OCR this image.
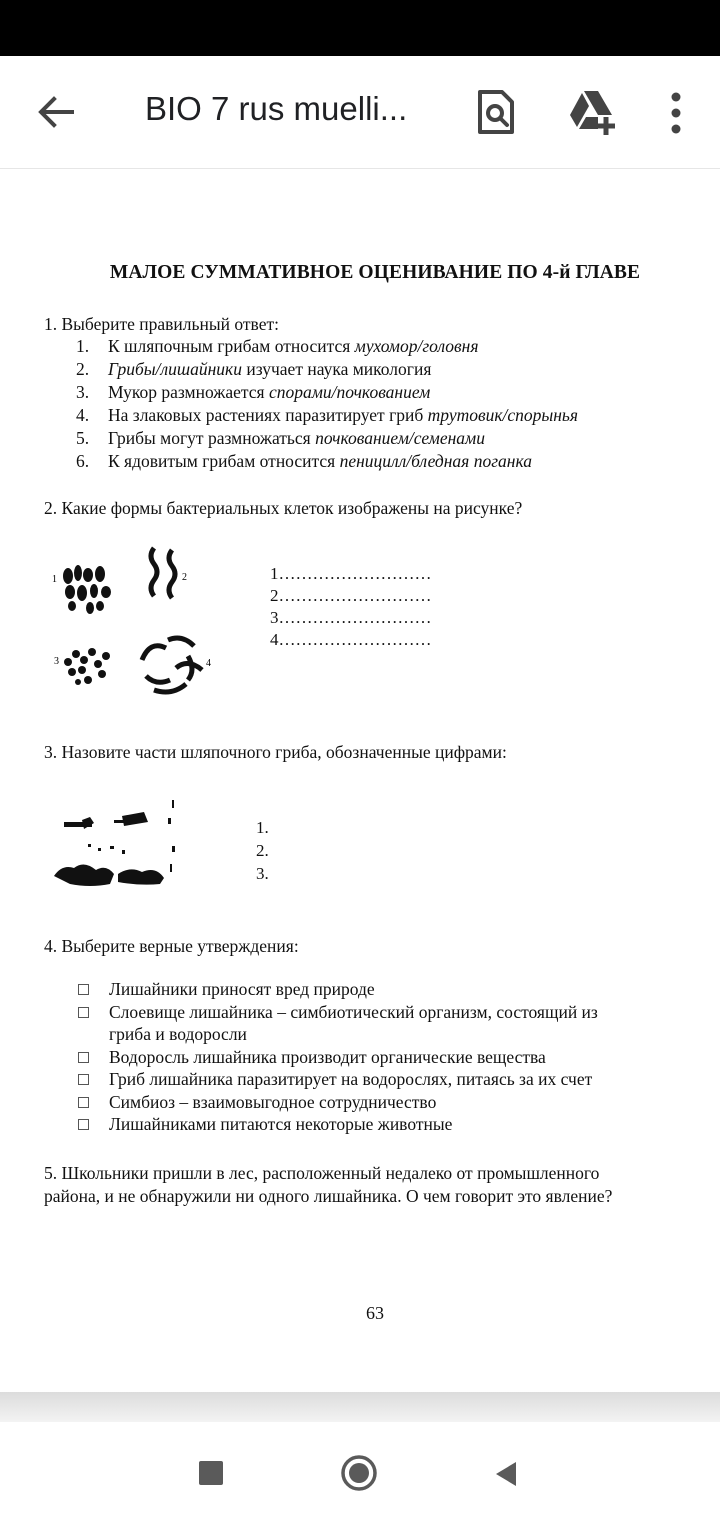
BIO 7 rus muelli...
МАЛОЕ СУММАТИВНОЕ ОЦЕНИВАНИЕ ПО 4-й ГЛАВЕ
1. Выберите правильный ответ:
1. К шляпочным грибам относится мухомор/головня
2. Грибы/лишайники изучает наука микология
3. Мукор размножается спорами/почкованием
4. На злаковых растениях паразитирует гриб трутовик/спорынья
5. Грибы могут размножаться почкованием/семенами
6. К ядовитым грибам относится пеницилл/бледная поганка
2. Какие формы бактериальных клеток изображены на рисунке?
1	2
3	4
1………………………
2………………………
3………………………
4………………………
3. Назовите части шляпочного гриба, обозначенные цифрами:
1.
2.
3.
4. Выберите верные утверждения:
Лишайники приносят вред природе
Слоевище лишайника – симбиотический организм, состоящий из
гриба и водоросли
Водоросль лишайника производит органические вещества
Гриб лишайника паразитирует на водорослях, питаясь за их счет
Симбиоз – взаимовыгодное сотрудничество
Лишайниками питаются некоторые животные
5. Школьники пришли в лес, расположенный недалеко от промышленного
района, и не обнаружили ни одного лишайника. О чем говорит это явление?
63
